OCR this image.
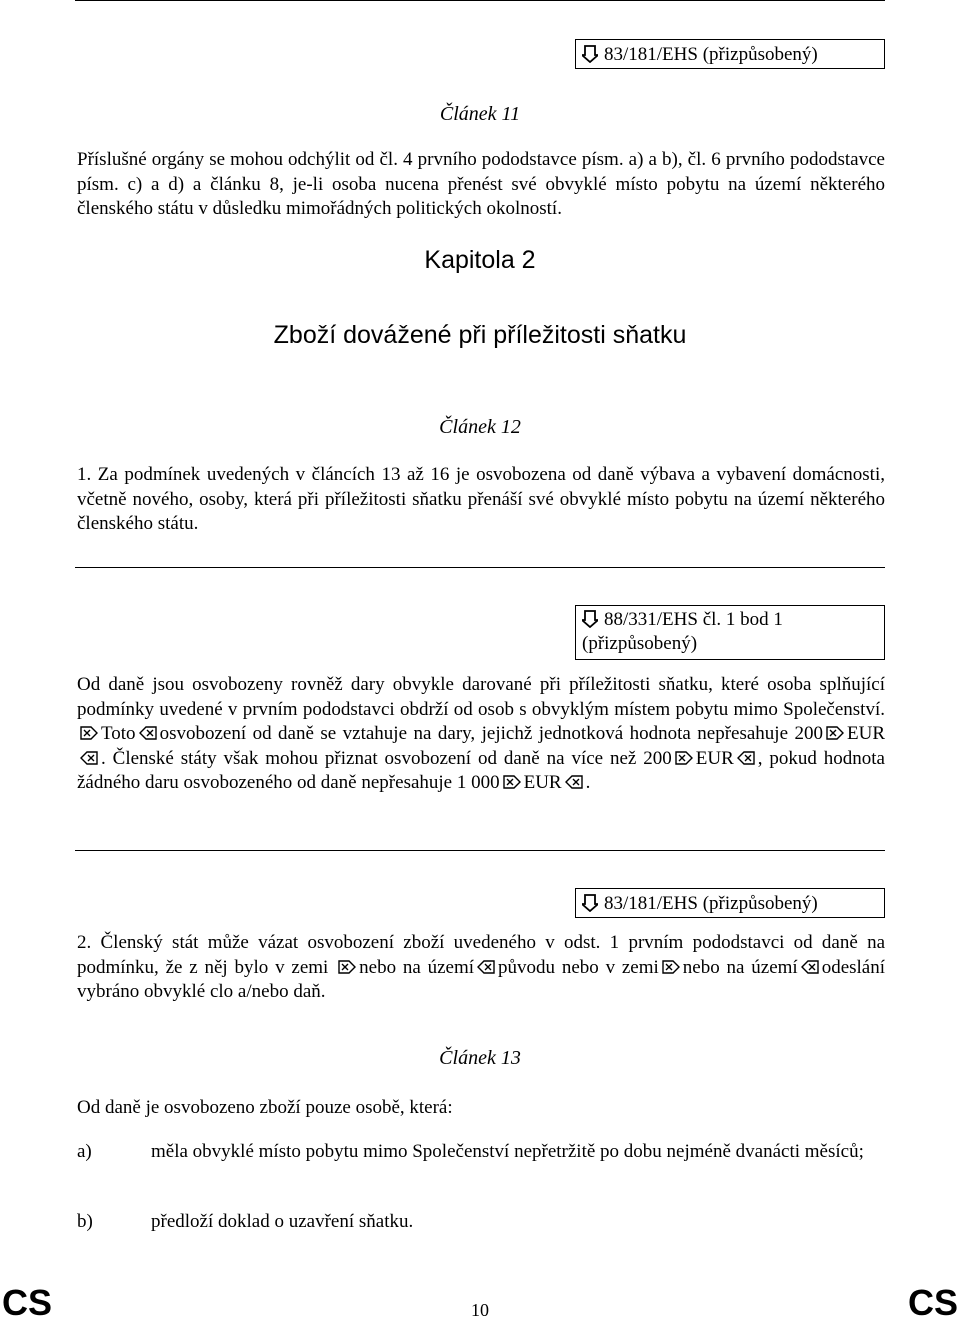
83/181/EHS (přizpůsobený)
Článek 11
Příslušné orgány se mohou odchýlit od čl. 4 prvního pododstavce písm. a) a b), čl. 6 prvního pododstavce písm. c) a d) a článku 8, je-li osoba nucena přenést své obvyklé místo pobytu na území některého členského státu v důsledku mimořádných politických okolností.
Kapitola 2
Zboží dovážené při příležitosti sňatku
Článek 12
1. Za podmínek uvedených v článcích 13 až 16 je osvobozena od daně výbava a vybavení domácnosti, včetně nového, osoby, která při příležitosti sňatku přenáší své obvyklé místo pobytu na území některého členského státu.
88/331/EHS čl. 1 bod 1
(přizpůsobený)
Od daně jsou osvobozeny rovněž dary obvykle darované při příležitosti sňatku, které osoba splňující podmínky uvedené v prvním pododstavci obdrží od osob s obvyklým místem pobytu mimo Společenství. Toto osvobození od daně se vztahuje na dary, jejichž jednotková hodnota nepřesahuje 200 EUR. Členské státy však mohou přiznat osvobození od daně na více než 200 EUR , pokud hodnota žádného daru osvobozeného od daně nepřesahuje 1 000 EUR .
83/181/EHS (přizpůsobený)
2. Členský stát může vázat osvobození zboží uvedeného v odst. 1 prvním pododstavci od daně na podmínku, že z něj bylo v zemi nebo na území původu nebo v zemi nebo na území odeslání vybráno obvyklé clo a/nebo daň.
Článek 13
Od daně je osvobozeno zboží pouze osobě, která:
a)	měla obvyklé místo pobytu mimo Společenství nepřetržitě po dobu nejméně dvanácti měsíců;
b)	předloží doklad o uzavření sňatku.
CS	10	CS
